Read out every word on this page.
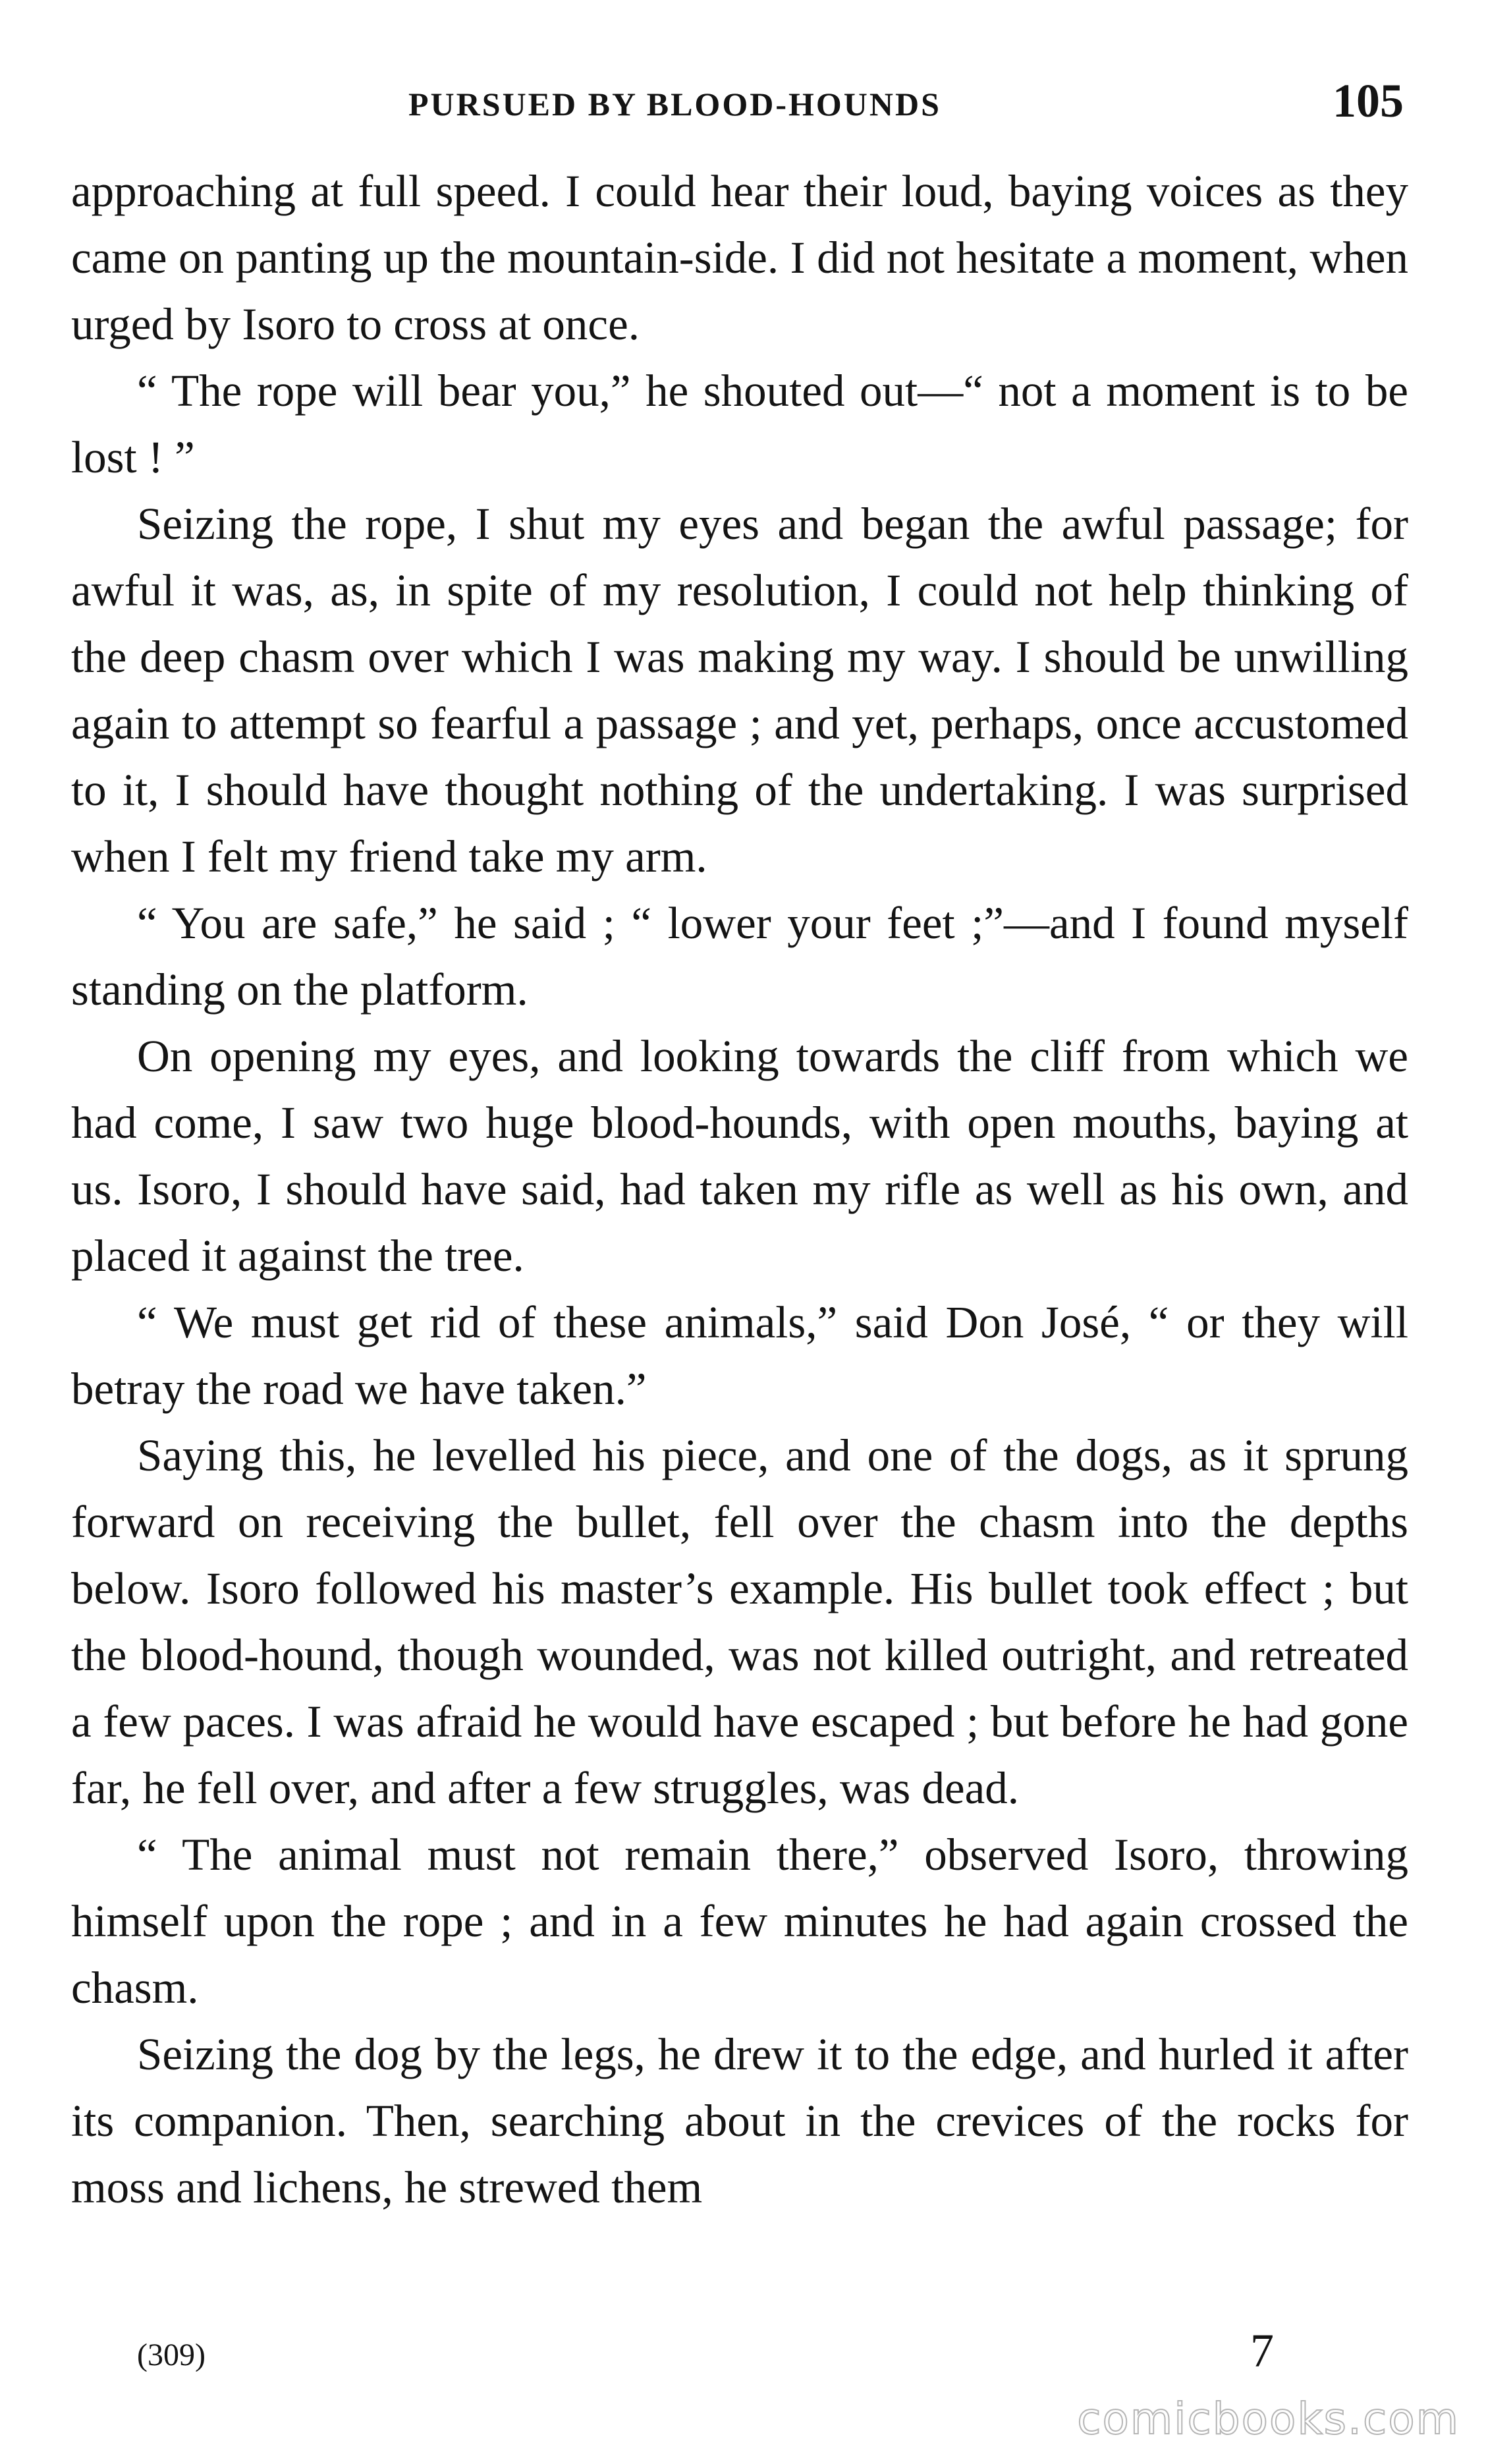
PURSUED BY BLOOD-HOUNDS	105

approaching at full speed. I could hear their loud, baying voices as they came on panting up the mountain-side. I did not hesitate a moment, when urged by Isoro to cross at once.

“ The rope will bear you,” he shouted out—“ not a moment is to be lost ! ”

Seizing the rope, I shut my eyes and began the awful passage; for awful it was, as, in spite of my resolution, I could not help thinking of the deep chasm over which I was making my way. I should be unwilling again to attempt so fearful a passage ; and yet, perhaps, once accustomed to it, I should have thought nothing of the undertaking. I was surprised when I felt my friend take my arm.

“ You are safe,” he said ; “ lower your feet ;”—and I found myself standing on the platform.

On opening my eyes, and looking towards the cliff from which we had come, I saw two huge blood-hounds, with open mouths, baying at us. Isoro, I should have said, had taken my rifle as well as his own, and placed it against the tree.

“ We must get rid of these animals,” said Don José, “ or they will betray the road we have taken.”

Saying this, he levelled his piece, and one of the dogs, as it sprung forward on receiving the bullet, fell over the chasm into the depths below. Isoro followed his master’s example. His bullet took effect ; but the blood-hound, though wounded, was not killed outright, and retreated a few paces. I was afraid he would have escaped ; but before he had gone far, he fell over, and after a few struggles, was dead.

“ The animal must not remain there,” observed Isoro, throwing himself upon the rope ; and in a few minutes he had again crossed the chasm.

Seizing the dog by the legs, he drew it to the edge, and hurled it after its companion. Then, searching about in the crevices of the rocks for moss and lichens, he strewed them

(309)	7
comicbooks.com
